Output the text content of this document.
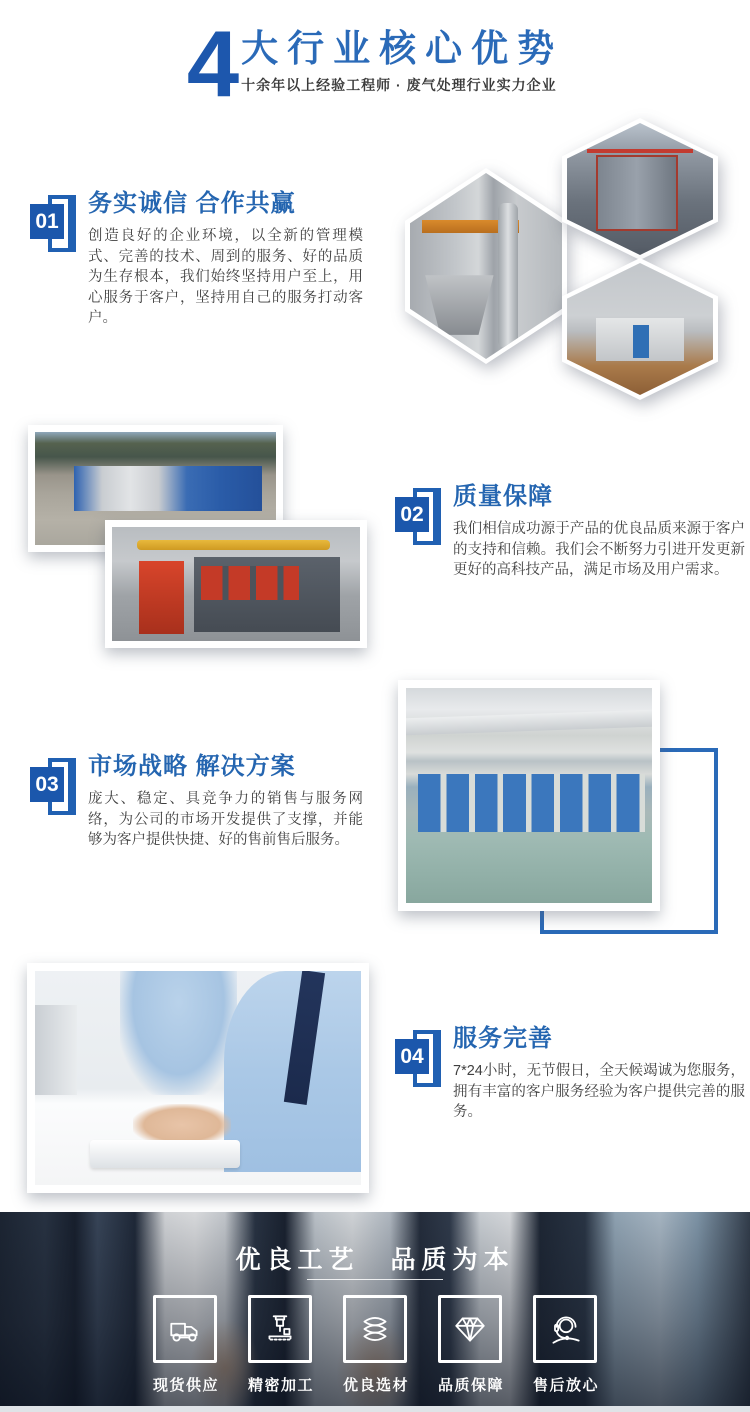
4 大行业核心优势
十余年以上经验工程师 · 废气处理行业实力企业
01
务实诚信 合作共赢
创造良好的企业环境，以全新的管理模式、完善的技术、周到的服务、好的品质为生存根本，我们始终坚持用户至上，用心服务于客户，坚持用自己的服务打动客户。
02
质量保障
我们相信成功源于产品的优良品质来源于客户的支持和信赖。我们会不断努力引进开发更新更好的高科技产品，满足市场及用户需求。
03
市场战略 解决方案
庞大、稳定、具竞争力的销售与服务网络，为公司的市场开发提供了支撑，并能够为客户提供快捷、好的售前售后服务。
04
服务完善
7*24小时，无节假日，全天候竭诚为您服务，拥有丰富的客户服务经验为客户提供完善的服务。
优良工艺　品质为本
现货供应 精密加工 优良选材 品质保障 售后放心
